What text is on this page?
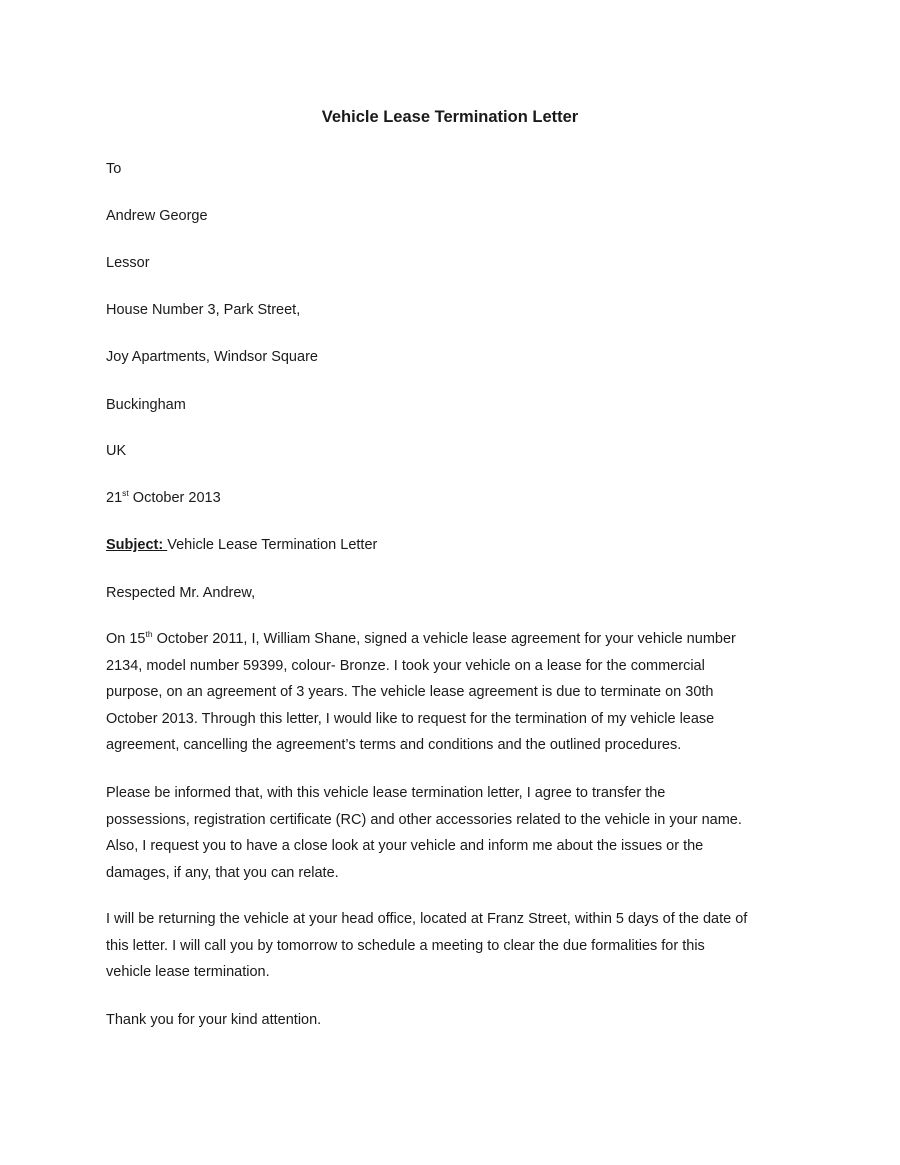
Vehicle Lease Termination Letter

To

Andrew George

Lessor

House Number 3, Park Street,

Joy Apartments, Windsor Square

Buckingham

UK

21st October 2013

Subject: Vehicle Lease Termination Letter

Respected Mr. Andrew,

On 15th October 2011, I, William Shane, signed a vehicle lease agreement for your vehicle number
2134, model number 59399, colour- Bronze. I took your vehicle on a lease for the commercial
purpose, on an agreement of 3 years. The vehicle lease agreement is due to terminate on 30th
October 2013. Through this letter, I would like to request for the termination of my vehicle lease
agreement, cancelling the agreement’s terms and conditions and the outlined procedures.
Please be informed that, with this vehicle lease termination letter, I agree to transfer the
possessions, registration certificate (RC) and other accessories related to the vehicle in your name.
Also, I request you to have a close look at your vehicle and inform me about the issues or the
damages, if any, that you can relate.
I will be returning the vehicle at your head office, located at Franz Street, within 5 days of the date of
this letter. I will call you by tomorrow to schedule a meeting to clear the due formalities for this
vehicle lease termination.

Thank you for your kind attention.
